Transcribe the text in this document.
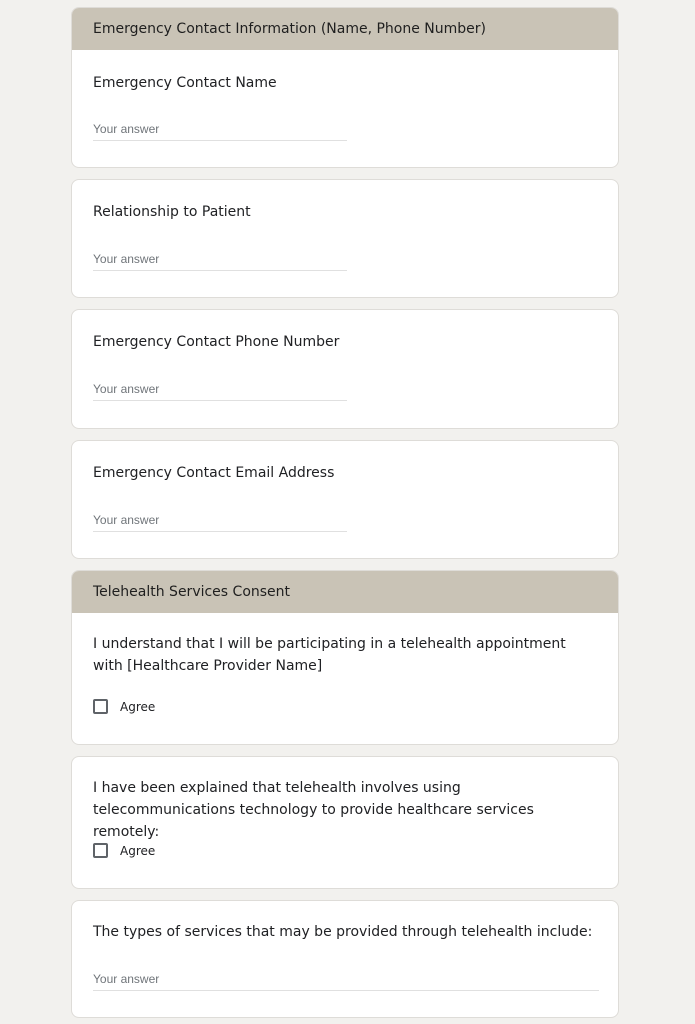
Emergency Contact Information (Name, Phone Number)
Emergency Contact Name
Your answer
Relationship to Patient
Your answer
Emergency Contact Phone Number
Your answer
Emergency Contact Email Address
Your answer
Telehealth Services Consent
I understand that I will be participating in a telehealth appointment with [Healthcare Provider Name]
Agree
I have been explained that telehealth involves using telecommunications technology to provide healthcare services remotely:
Agree
The types of services that may be provided through telehealth include:
Your answer
